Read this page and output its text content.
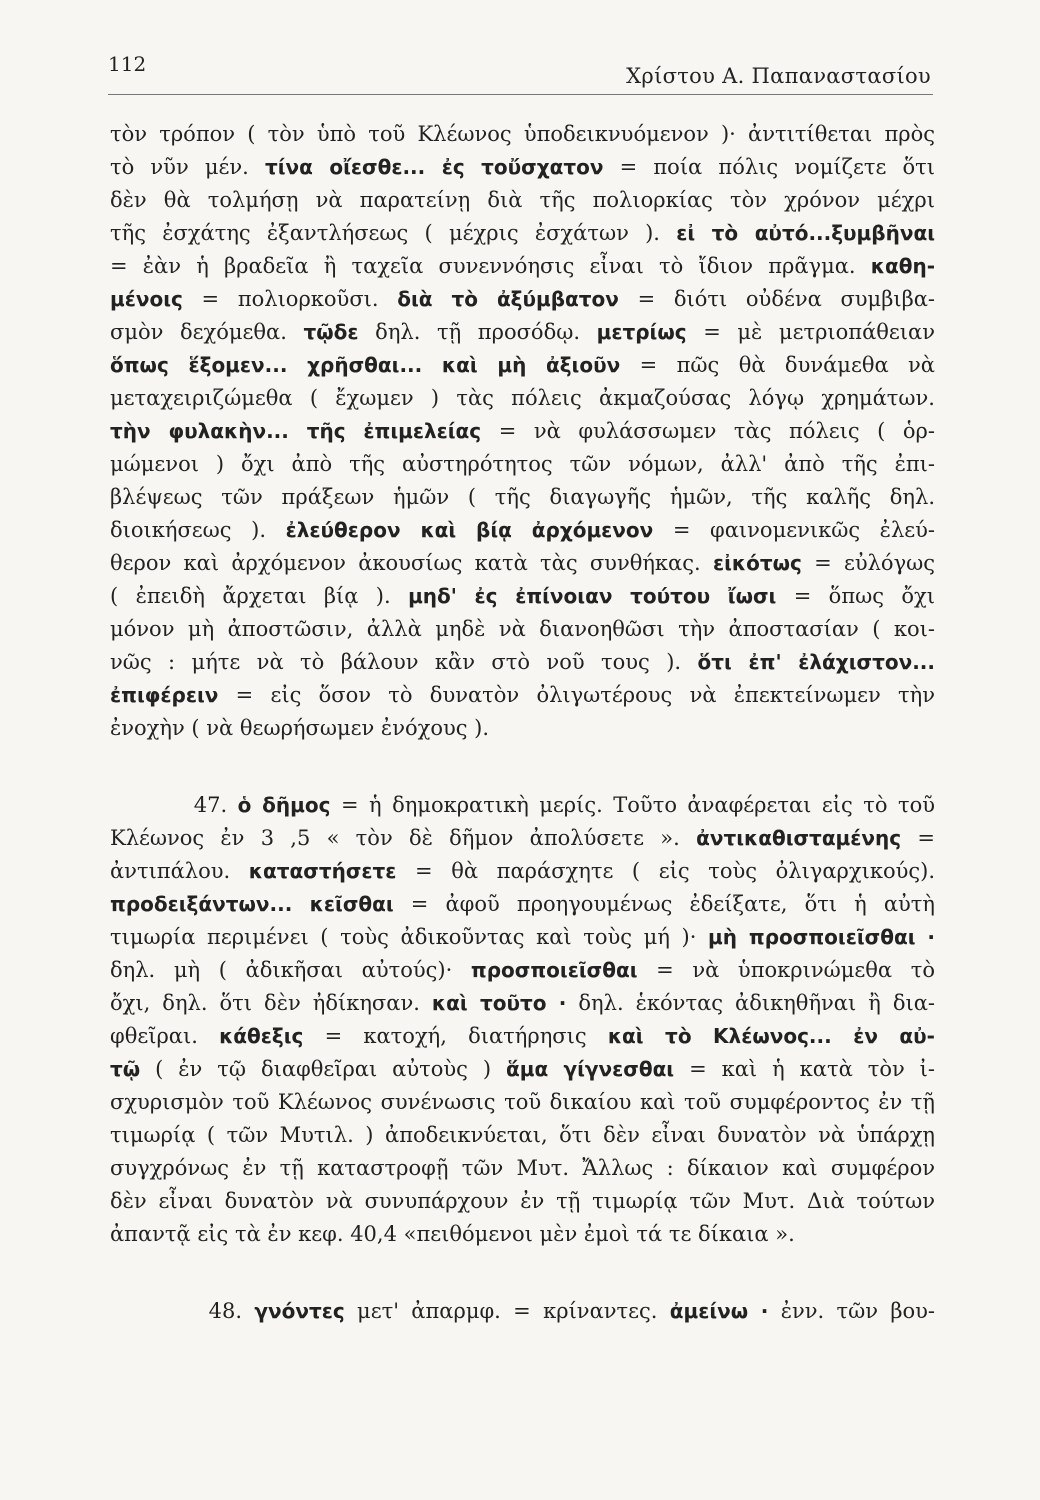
112	Χρίστου Α. Παπαναστασίου

τὸν τρόπον ( τὸν ὑπὸ τοῦ Κλέωνος ὑποδεικνυόμενον )· ἀντιτίθεται πρὸς

τὸ νῦν μέν. τίνα οἴεσθε... ἐς τοὔσχατον = ποία πόλις νομίζετε ὅτι

δὲν θὰ τολμήσῃ νὰ παρατείνῃ διὰ τῆς πολιορκίας τὸν χρόνον μέχρι

τῆς ἐσχάτης ἐξαντλήσεως ( μέχρις ἐσχάτων ). εἰ τὸ αὐτό...ξυμβῆναι

= ἐὰν ἡ βραδεῖα ἢ ταχεῖα συνεννόησις εἶναι τὸ ἴδιον πρᾶγμα. καθη-

μένοις = πολιορκοῦσι. διὰ τὸ ἀξύμβατον = διότι οὐδένα συμβιβα-

σμὸν δεχόμεθα. τῷδε δηλ. τῇ προσόδῳ. μετρίως = μὲ μετριοπάθειαν

ὅπως ἕξομεν... χρῆσθαι... καὶ μὴ ἀξιοῦν = πῶς θὰ δυνάμεθα νὰ

μεταχειριζώμεθα ( ἔχωμεν ) τὰς πόλεις ἀκμαζούσας λόγῳ χρημάτων.

τὴν φυλακὴν... τῆς ἐπιμελείας = νὰ φυλάσσωμεν τὰς πόλεις ( ὁρ-

μώμενοι ) ὄχι ἀπὸ τῆς αὐστηρότητος τῶν νόμων, ἀλλ' ἀπὸ τῆς ἐπι-

βλέψεως τῶν πράξεων ἡμῶν ( τῆς διαγωγῆς ἡμῶν, τῆς καλῆς δηλ.

διοικήσεως ). ἐλεύθερον καὶ βίᾳ ἀρχόμενον = φαινομενικῶς ἐλεύ-

θερον καὶ ἀρχόμενον ἀκουσίως κατὰ τὰς συνθήκας. εἰκότως = εὐλόγως

( ἐπειδὴ ἄρχεται βίᾳ ). μηδ' ἐς ἐπίνοιαν τούτου ἴωσι = ὅπως ὄχι

μόνον μὴ ἀποστῶσιν, ἀλλὰ μηδὲ νὰ διανοηθῶσι τὴν ἀποστασίαν ( κοι-

νῶς : μήτε νὰ τὸ βάλουν κἂν στὸ νοῦ τους ). ὅτι ἐπ' ἐλάχιστον...

ἐπιφέρειν = εἰς ὅσον τὸ δυνατὸν ὀλιγωτέρους νὰ ἐπεκτείνωμεν τὴν

ἐνοχὴν ( νὰ θεωρήσωμεν ἐνόχους ).

47. ὁ δῆμος = ἡ δημοκρατικὴ μερίς. Τοῦτο ἀναφέρεται εἰς τὸ τοῦ

Κλέωνος ἐν 3 ,5 « τὸν δὲ δῆμον ἀπολύσετε ». ἀντικαθισταμένης =

ἀντιπάλου. καταστήσετε = θὰ παράσχητε ( εἰς τοὺς ὀλιγαρχικούς).

προδειξάντων... κεῖσθαι = ἀφοῦ προηγουμένως ἐδείξατε, ὅτι ἡ αὐτὴ

τιμωρία περιμένει ( τοὺς ἀδικοῦντας καὶ τοὺς μή )· μὴ προσποιεῖσθαι ·

δηλ. μὴ ( ἀδικῆσαι αὐτούς)· προσποιεῖσθαι = νὰ ὑποκρινώμεθα τὸ

ὄχι, δηλ. ὅτι δὲν ἠδίκησαν. καὶ τοῦτο · δηλ. ἑκόντας ἀδικηθῆναι ἢ δια-

φθεῖραι. κάθεξις = κατοχή, διατήρησις καὶ τὸ Κλέωνος... ἐν αὐ-

τῷ ( ἐν τῷ διαφθεῖραι αὐτοὺς ) ἅμα γίγνεσθαι = καὶ ἡ κατὰ τὸν ἰ-

σχυρισμὸν τοῦ Κλέωνος συνένωσις τοῦ δικαίου καὶ τοῦ συμφέροντος ἐν τῇ

τιμωρίᾳ ( τῶν Μυτιλ. ) ἀποδεικνύεται, ὅτι δὲν εἶναι δυνατὸν νὰ ὑπάρχῃ

συγχρόνως ἐν τῇ καταστροφῇ τῶν Μυτ. Ἄλλως : δίκαιον καὶ συμφέρον

δὲν εἶναι δυνατὸν νὰ συνυπάρχουν ἐν τῇ τιμωρίᾳ τῶν Μυτ. Διὰ τούτων

ἀπαντᾷ εἰς τὰ ἐν κεφ. 40,4 «πειθόμενοι μὲν ἐμοὶ τά τε δίκαια ».

48. γνόντες μετ' ἀπαρμφ. = κρίναντες. ἀμείνω · ἐνν. τῶν βου-
